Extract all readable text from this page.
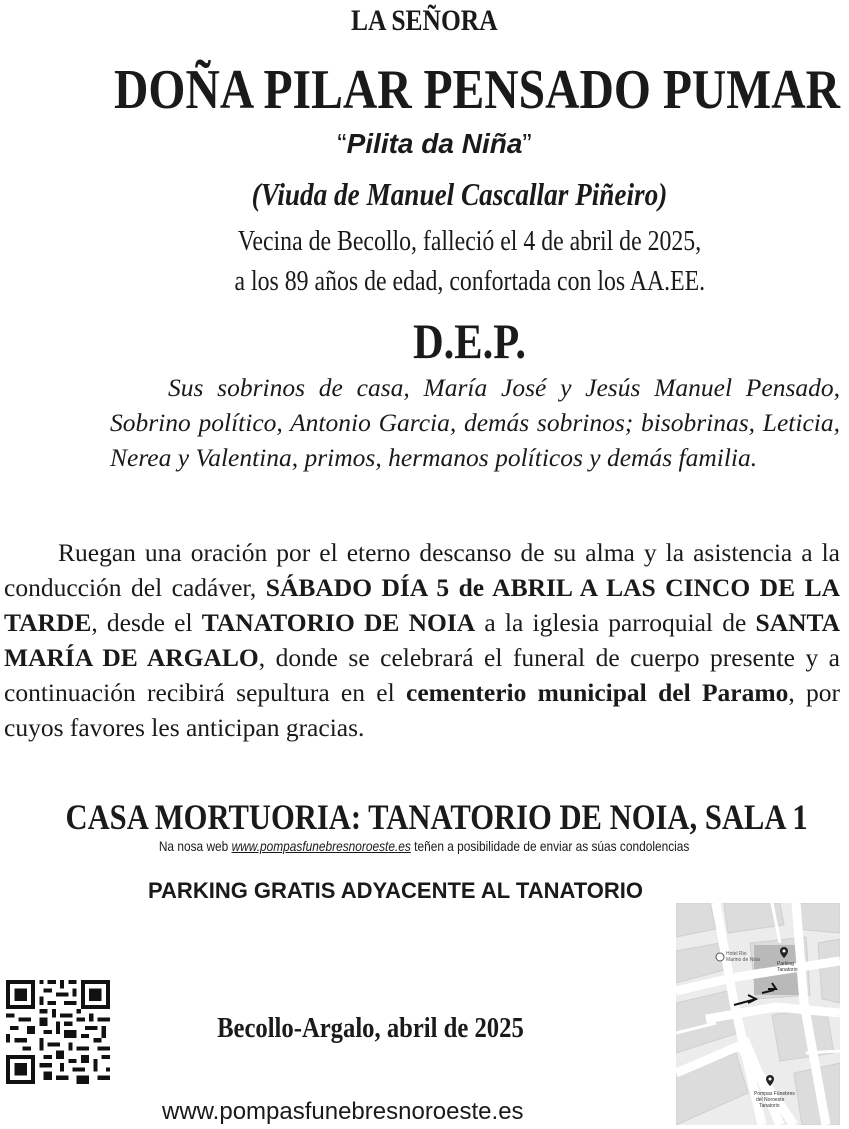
LA SEÑORA
DOÑA PILAR PENSADO PUMAR
“Pilita da Niña”
(Viuda de Manuel Cascallar Piñeiro)
Vecina de Becollo, falleció el 4 de abril de 2025,
a los 89 años de edad, confortada con los AA.EE.
D.E.P.
Sus sobrinos de casa, María José y Jesús Manuel Pensado, Sobrino político, Antonio Garcia, demás sobrinos; bisobrinas, Leticia, Nerea y Valentina, primos, hermanos políticos y demás familia.
Ruegan una oración por el eterno descanso de su alma y la asistencia a la conducción del cadáver, SÁBADO DÍA 5 de ABRIL A LAS CINCO DE LA TARDE, desde el TANATORIO DE NOIA a la iglesia parroquial de SANTA MARÍA DE ARGALO, donde se celebrará el funeral de cuerpo presente y a continuación recibirá sepultura en el cementerio municipal del Paramo, por cuyos favores les anticipan gracias.
CASA MORTUORIA: TANATORIO DE NOIA, SALA 1
Na nosa web www.pompasfunebresnoroeste.es teñen a posibilidade de enviar as súas condolencias
PARKING GRATIS ADYACENTE AL TANATORIO
Becollo-Argalo, abril de 2025
www.pompasfunebresnoroeste.es
Hotel Rio
Marino de Noia
Parking
Tanatorio
Pompas Fúnebres
del Noroeste
Tanatorio
